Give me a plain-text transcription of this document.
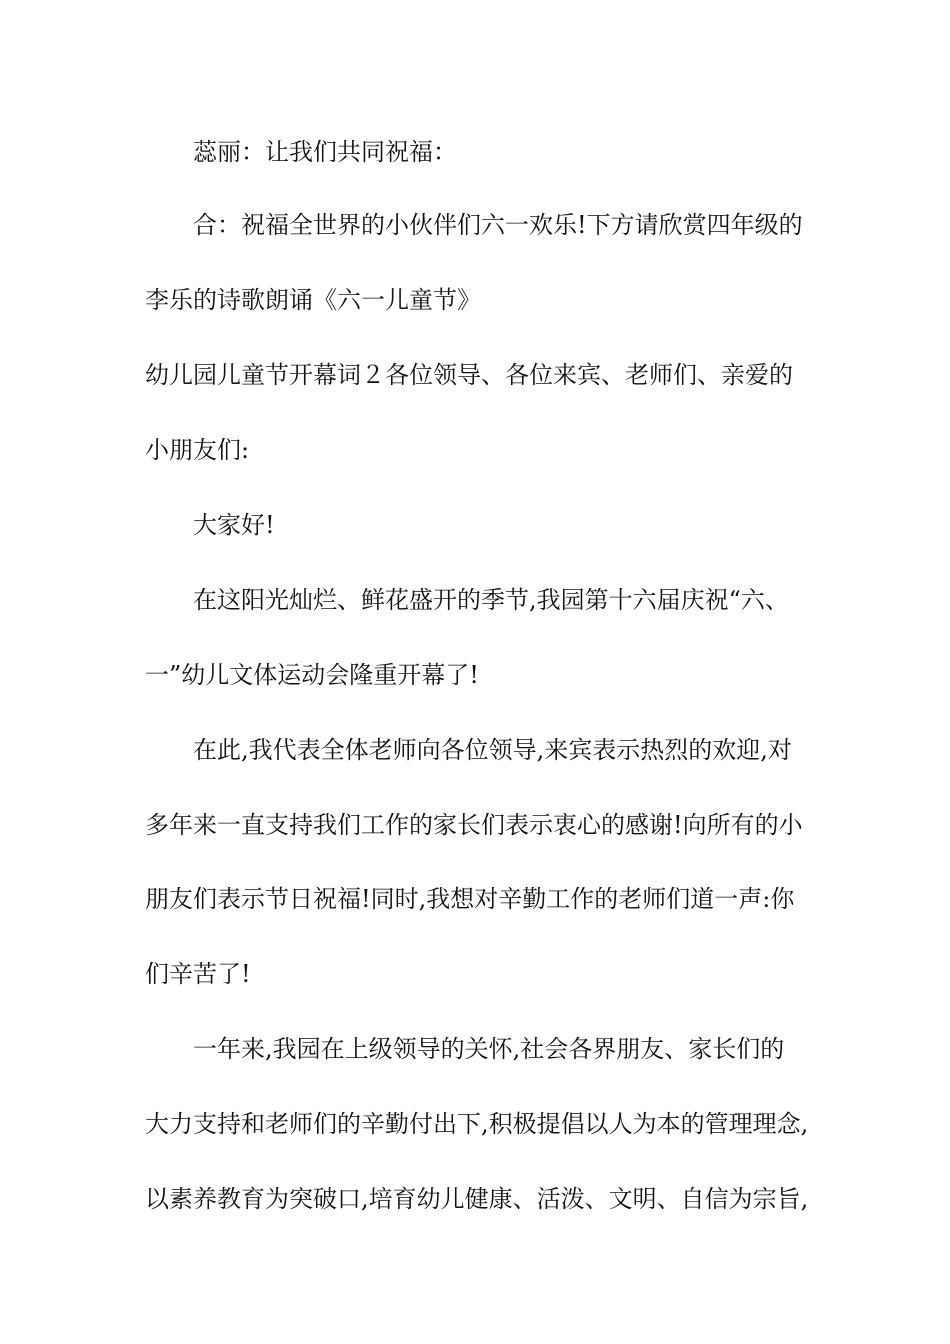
蕊丽：让我们共同祝福：
合：祝福全世界的小伙伴们六一欢乐!下方请欣赏四年级的
李乐的诗歌朗诵《六一儿童节》
幼儿园儿童节开幕词２各位领导、各位来宾、老师们、亲爱的
小朋友们:
大家好!
在这阳光灿烂、鲜花盛开的季节,我园第十六届庆祝“六、
一”幼儿文体运动会隆重开幕了!
在此,我代表全体老师向各位领导,来宾表示热烈的欢迎,对
多年来一直支持我们工作的家长们表示衷心的感谢!向所有的小
朋友们表示节日祝福!同时,我想对辛勤工作的老师们道一声:你
们辛苦了!
一年来,我园在上级领导的关怀,社会各界朋友、家长们的
大力支持和老师们的辛勤付出下,积极提倡以人为本的管理理念,
以素养教育为突破口,培育幼儿健康、活泼、文明、自信为宗旨,
